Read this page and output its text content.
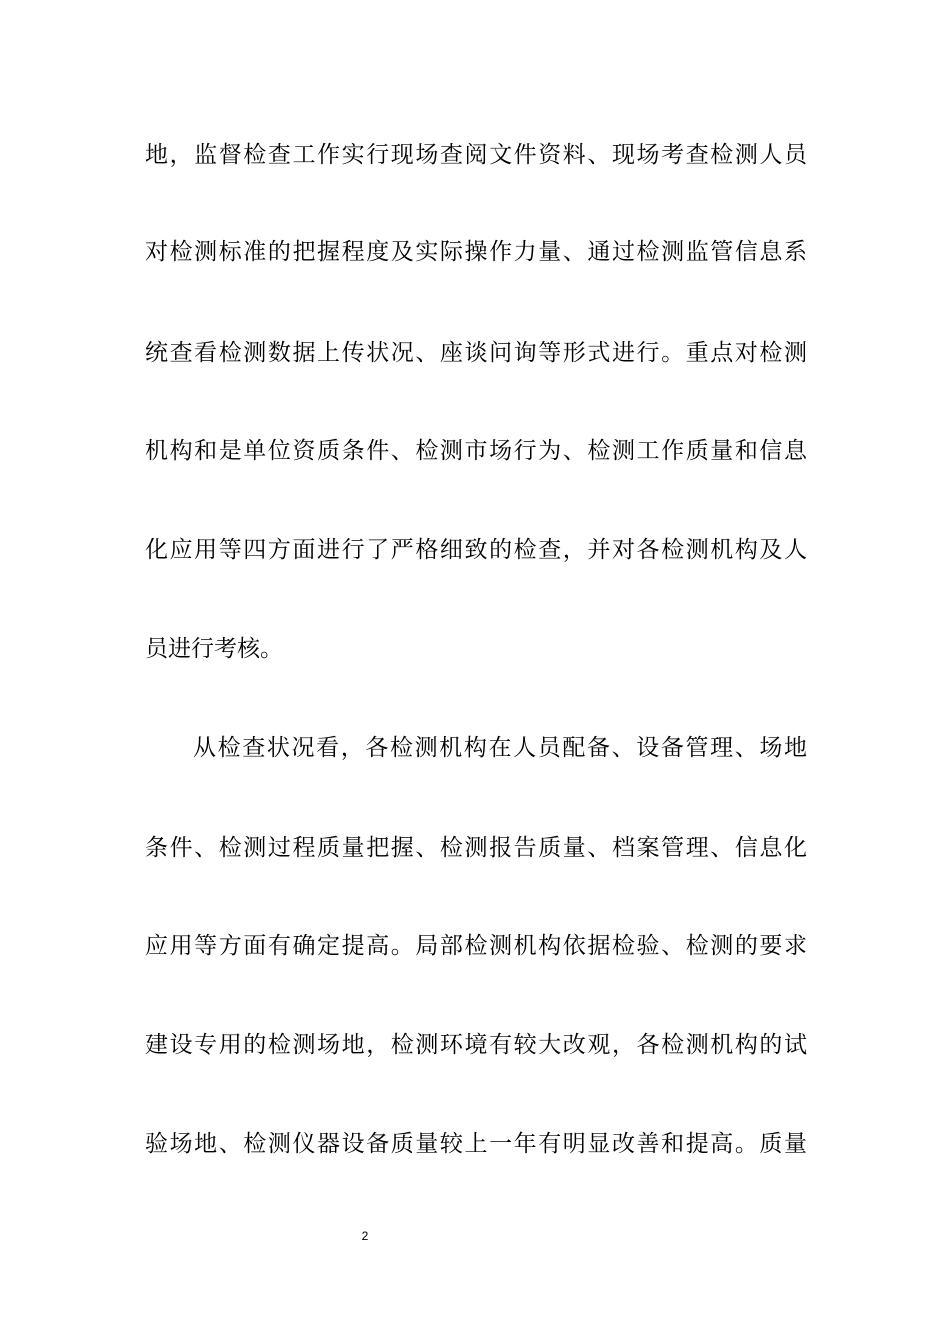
地，监督检查工作实行现场查阅文件资料、现场考查检测人员
对检测标准的把握程度及实际操作力量、通过检测监管信息系
统查看检测数据上传状况、座谈问询等形式进行。重点对检测
机构和是单位资质条件、检测市场行为、检测工作质量和信息
化应用等四方面进行了严格细致的检查，并对各检测机构及人
员进行考核。
从检查状况看，各检测机构在人员配备、设备管理、场地
条件、检测过程质量把握、检测报告质量、档案管理、信息化
应用等方面有确定提高。局部检测机构依据检验、检测的要求
建设专用的检测场地，检测环境有较大改观，各检测机构的试
验场地、检测仪器设备质量较上一年有明显改善和提高。质量
2
